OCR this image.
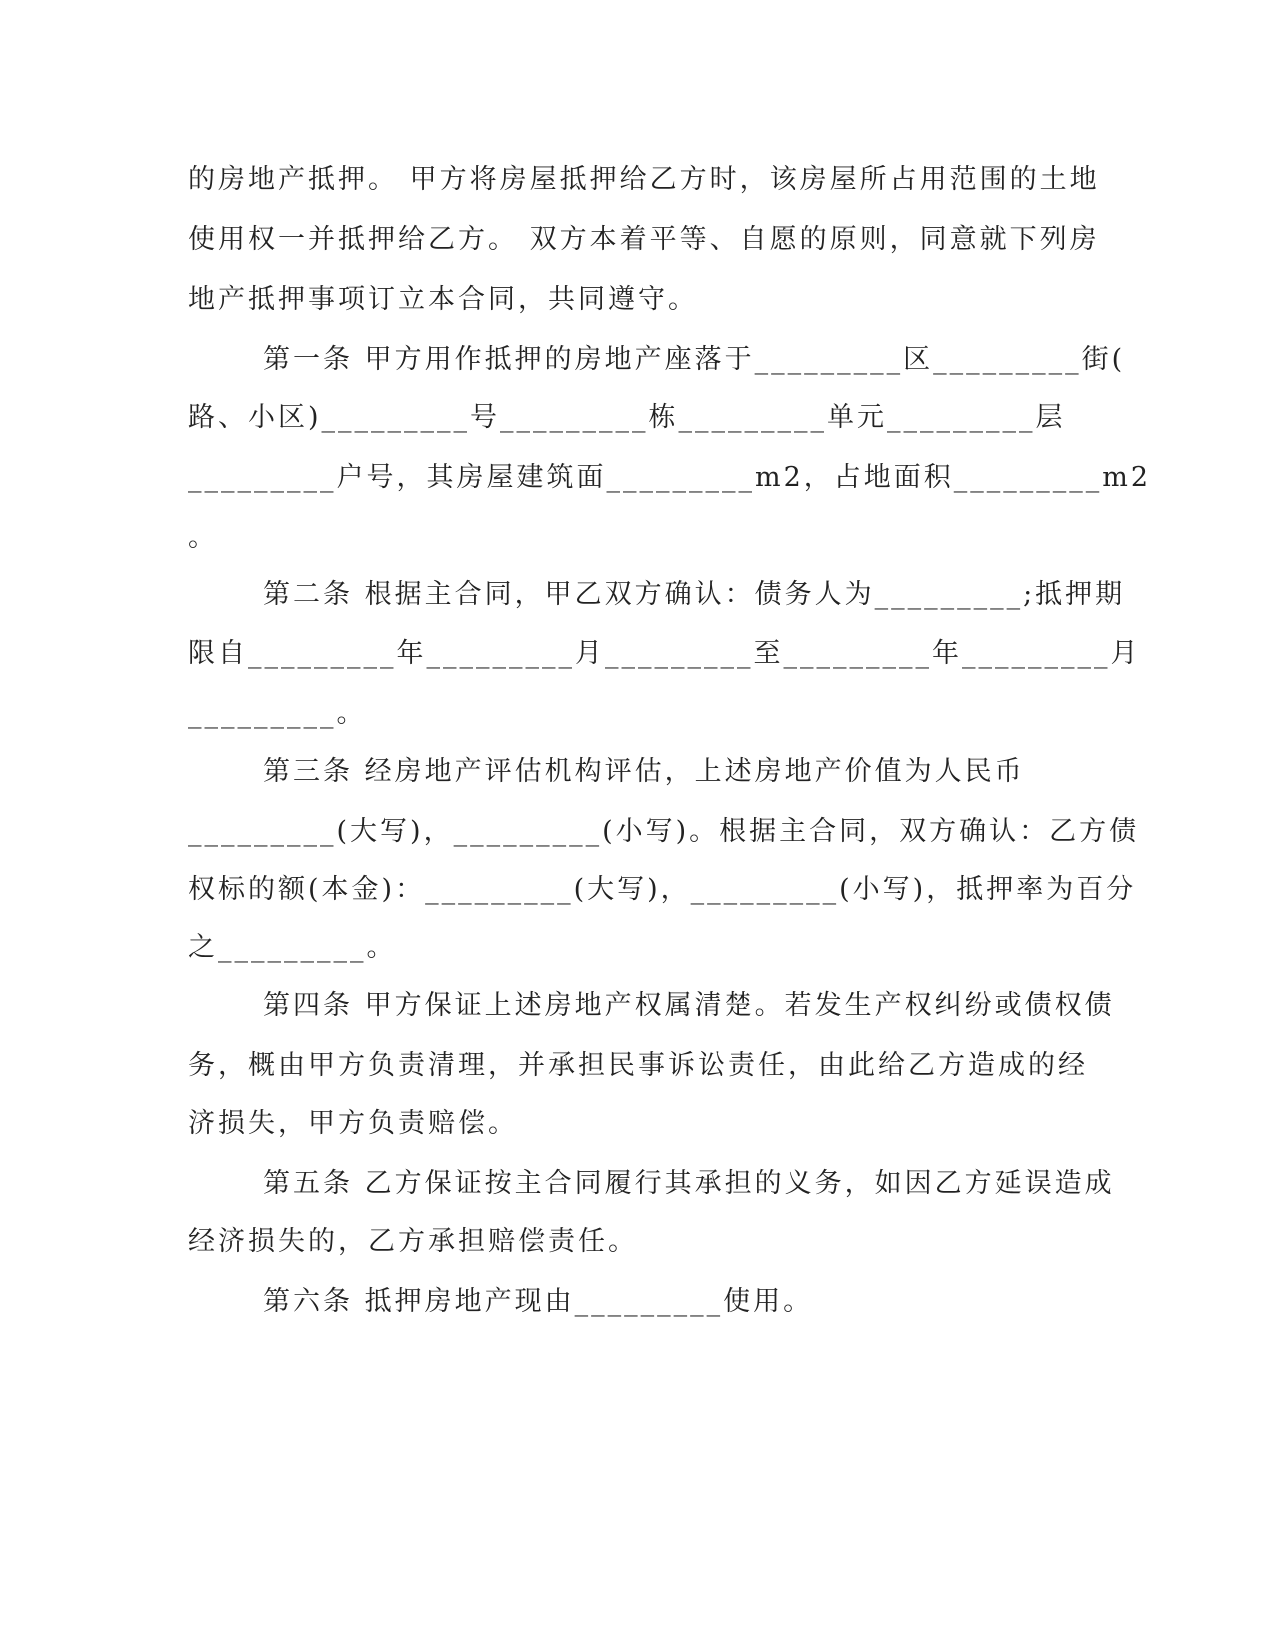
的房地产抵押。 甲方将房屋抵押给乙方时，该房屋所占用范围的土地
使用权一并抵押给乙方。 双方本着平等、自愿的原则，同意就下列房
地产抵押事项订立本合同，共同遵守。
第一条 甲方用作抵押的房地产座落于_________区_________街(
路、小区)_________号_________栋_________单元_________层
_________户号，其房屋建筑面_________m2，占地面积_________m2
。
第二条 根据主合同，甲乙双方确认：债务人为_________;抵押期
限自_________年_________月_________至_________年_________月
_________。
第三条 经房地产评估机构评估，上述房地产价值为人民币
_________(大写)，_________(小写)。根据主合同，双方确认：乙方债
权标的额(本金)：_________(大写)，_________(小写)，抵押率为百分
之_________。
第四条 甲方保证上述房地产权属清楚。若发生产权纠纷或债权债
务，概由甲方负责清理，并承担民事诉讼责任，由此给乙方造成的经
济损失，甲方负责赔偿。
第五条 乙方保证按主合同履行其承担的义务，如因乙方延误造成
经济损失的，乙方承担赔偿责任。
第六条 抵押房地产现由_________使用。
